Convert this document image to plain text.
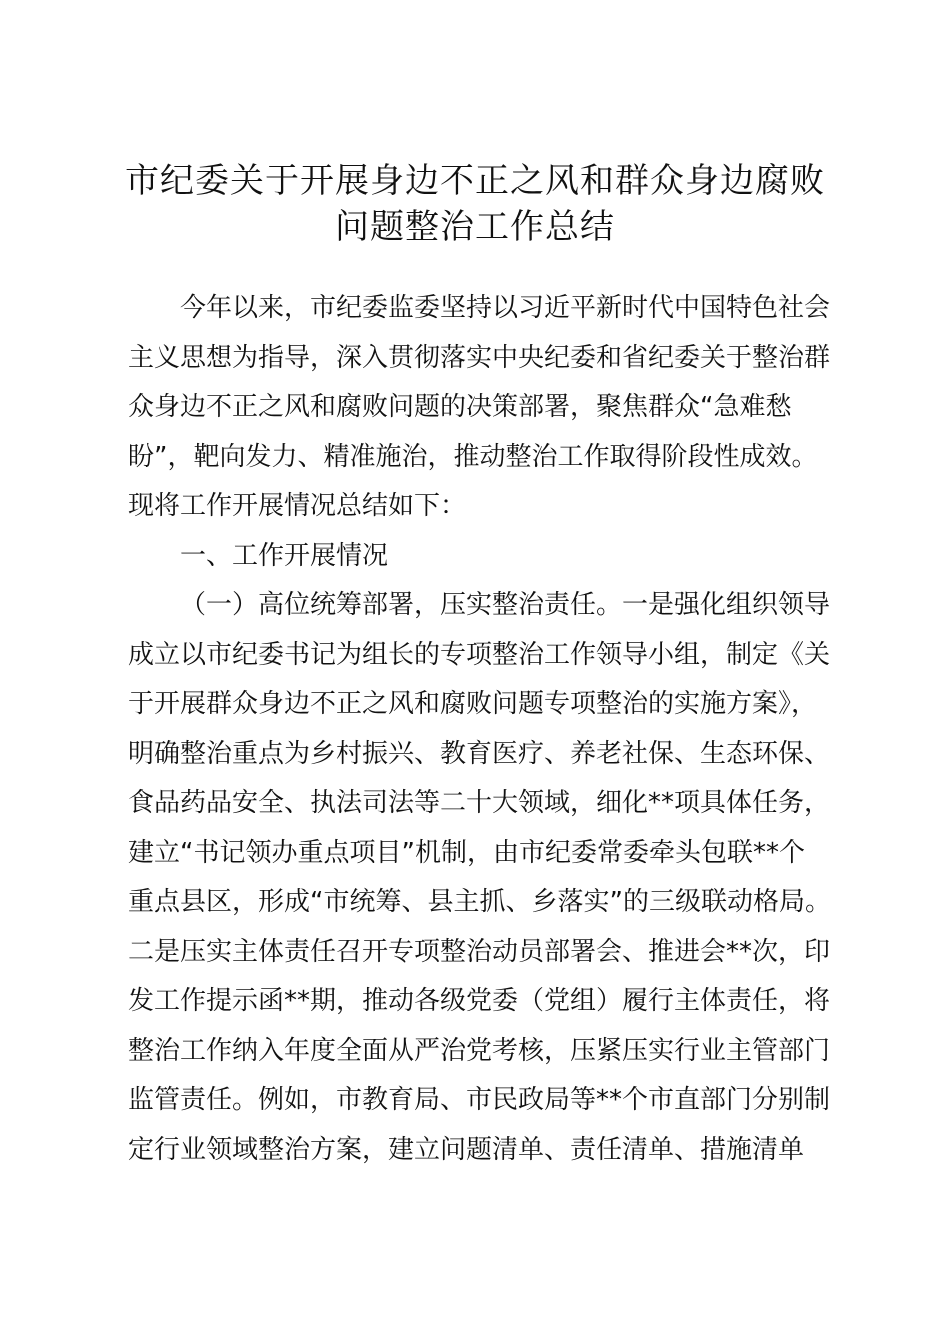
市纪委关于开展身边不正之风和群众身边腐败
问题整治工作总结
今年以来，市纪委监委坚持以习近平新时代中国特色社会
主义思想为指导，深入贯彻落实中央纪委和省纪委关于整治群
众身边不正之风和腐败问题的决策部署，聚焦群众“急难愁
盼”，靶向发力、精准施治，推动整治工作取得阶段性成效。
现将工作开展情况总结如下：
一、工作开展情况
（一）高位统筹部署，压实整治责任。一是强化组织领导
成立以市纪委书记为组长的专项整治工作领导小组，制定《关
于开展群众身边不正之风和腐败问题专项整治的实施方案》，
明确整治重点为乡村振兴、教育医疗、养老社保、生态环保、
食品药品安全、执法司法等二十大领域，细化**项具体任务，
建立“书记领办重点项目”机制，由市纪委常委牵头包联**个
重点县区，形成“市统筹、县主抓、乡落实”的三级联动格局。
二是压实主体责任召开专项整治动员部署会、推进会**次，印
发工作提示函**期，推动各级党委（党组）履行主体责任，将
整治工作纳入年度全面从严治党考核，压紧压实行业主管部门
监管责任。例如，市教育局、市民政局等**个市直部门分别制
定行业领域整治方案，建立问题清单、责任清单、措施清单
